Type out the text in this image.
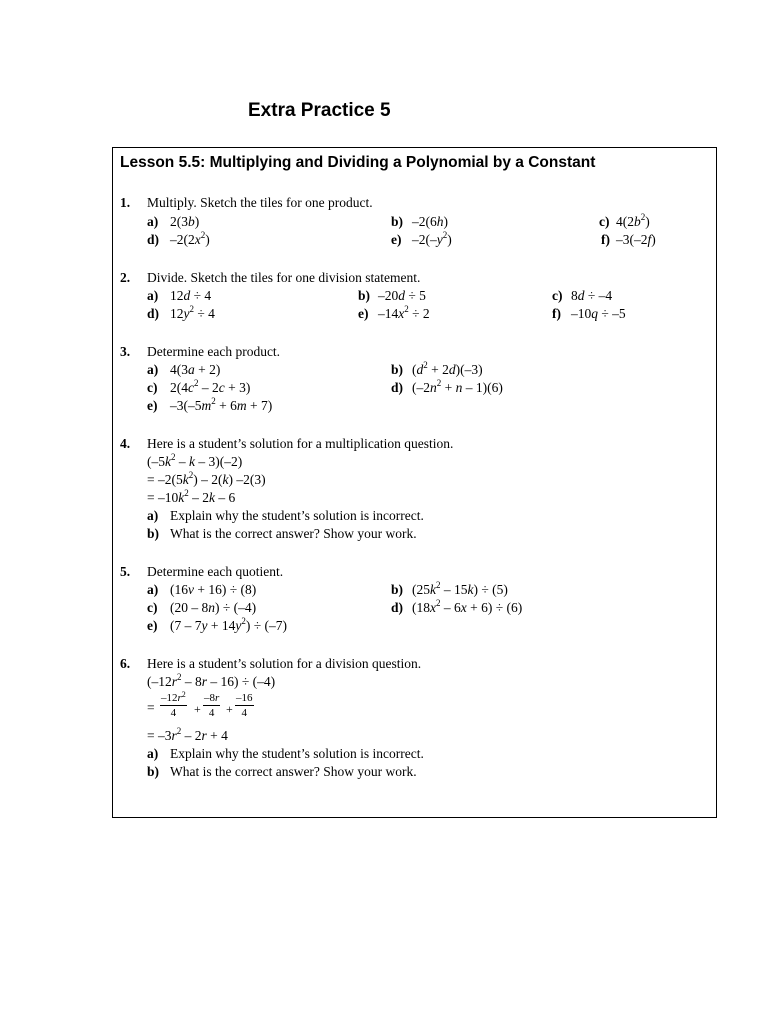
Extra Practice 5
Lesson 5.5: Multiplying and Dividing a Polynomial by a Constant
1. Multiply. Sketch the tiles for one product.
a) 2(3b)	b) –2(6h)	c) $4(2b^2)$
d) $-2(2x^2)$	e) $-2(-y^2)$	f) –3(–2f)
2. Divide. Sketch the tiles for one division statement.
a) 12d ÷ 4	b) –20d ÷ 5	c) 8d ÷ –4
d) $12y^2 \div 4$	e) $-14x^2 \div 2$	f) –10q ÷ –5
3. Determine each product.
a) 4(3a + 2)	b) $(d^2 + 2d)(-3)$
c) $2(4c^2 - 2c + 3)$	d) $(-2n^2 + n - 1)(6)$
e) $-3(-5m^2 + 6m + 7)$
4. Here is a student’s solution for a multiplication question.
($-5k^2$ – k – 3)(–2)
= $-2(5k^2) - 2(k)$ –2(3)
= $-10k^2 - 2k - 6$
a) Explain why the student’s solution is incorrect.
b) What is the correct answer? Show your work.
5. Determine each quotient.
a) (16v + 16) ÷ (8)	b) $(25k^2 - 15k) \div (5)$
c) (20 – 8n) ÷ (–4)	d) $(18x^2 - 6x + 6) \div (6)$
e) $(7 - 7y + 14y^2) \div (-7)$
6. Here is a student’s solution for a division question.
$(-12r^2 - 8r - 16) \div (-4)$
= $\frac{-12r^2}{4} + \frac{-8r}{4} + \frac{-16}{4}$
= $-3r^2 - 2r + 4$
a) Explain why the student’s solution is incorrect.
b) What is the correct answer? Show your work.
